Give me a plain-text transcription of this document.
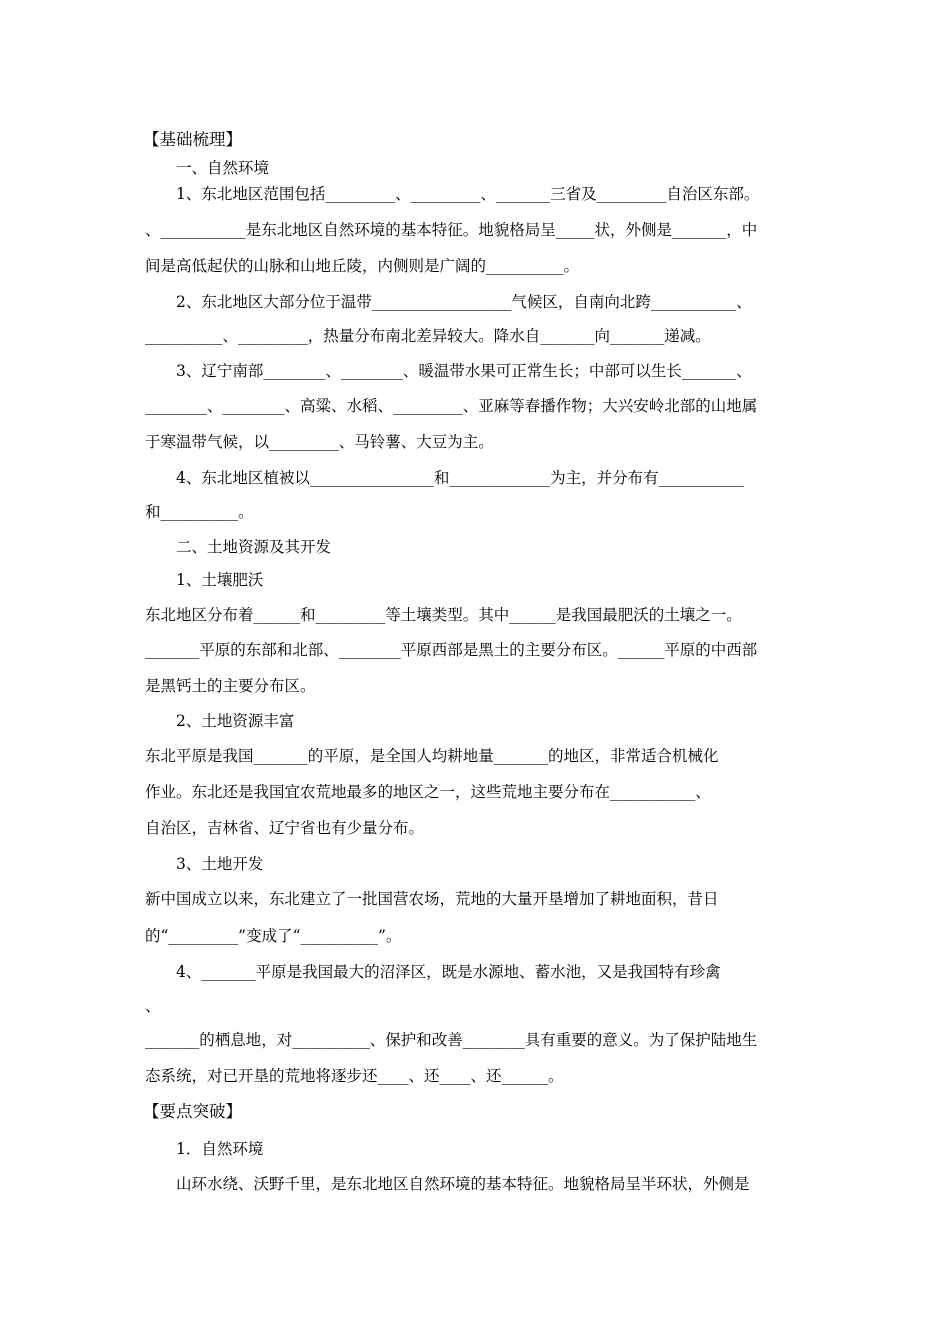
【基础梳理】
一、自然环境
1、东北地区范围包括_________、_________、_______三省及_________自治区东部。
、___________是东北地区自然环境的基本特征。地貌格局呈_____状，外侧是_______，中
间是高低起伏的山脉和山地丘陵，内侧则是广阔的__________。
2、东北地区大部分位于温带__________________气候区，自南向北跨___________、
__________、_________，热量分布南北差异较大。降水自_______向_______递减。
3、辽宁南部________、________、暖温带水果可正常生长；中部可以生长_______、
________、________、高粱、水稻、_________、亚麻等春播作物；大兴安岭北部的山地属
于寒温带气候，以_________、马铃薯、大豆为主。
4、东北地区植被以________________和_____________为主，并分布有___________
和__________。
二、土地资源及其开发
1、土壤肥沃
东北地区分布着______和_________等土壤类型。其中______是我国最肥沃的土壤之一。
_______平原的东部和北部、________平原西部是黑土的主要分布区。______平原的中西部
是黑钙土的主要分布区。
2、土地资源丰富
东北平原是我国_______的平原，是全国人均耕地量_______的地区，非常适合机械化
作业。东北还是我国宜农荒地最多的地区之一，这些荒地主要分布在___________、
自治区，吉林省、辽宁省也有少量分布。
3、土地开发
新中国成立以来，东北建立了一批国营农场，荒地的大量开垦增加了耕地面积，昔日
的“_________”变成了“__________”。
4、_______平原是我国最大的沼泽区，既是水源地、蓄水池，又是我国特有珍禽
、
_______的栖息地，对__________、保护和改善________具有重要的意义。为了保护陆地生
态系统，对已开垦的荒地将逐步还____、还____、还______。
【要点突破】
1．自然环境
山环水绕、沃野千里，是东北地区自然环境的基本特征。地貌格局呈半环状，外侧是
